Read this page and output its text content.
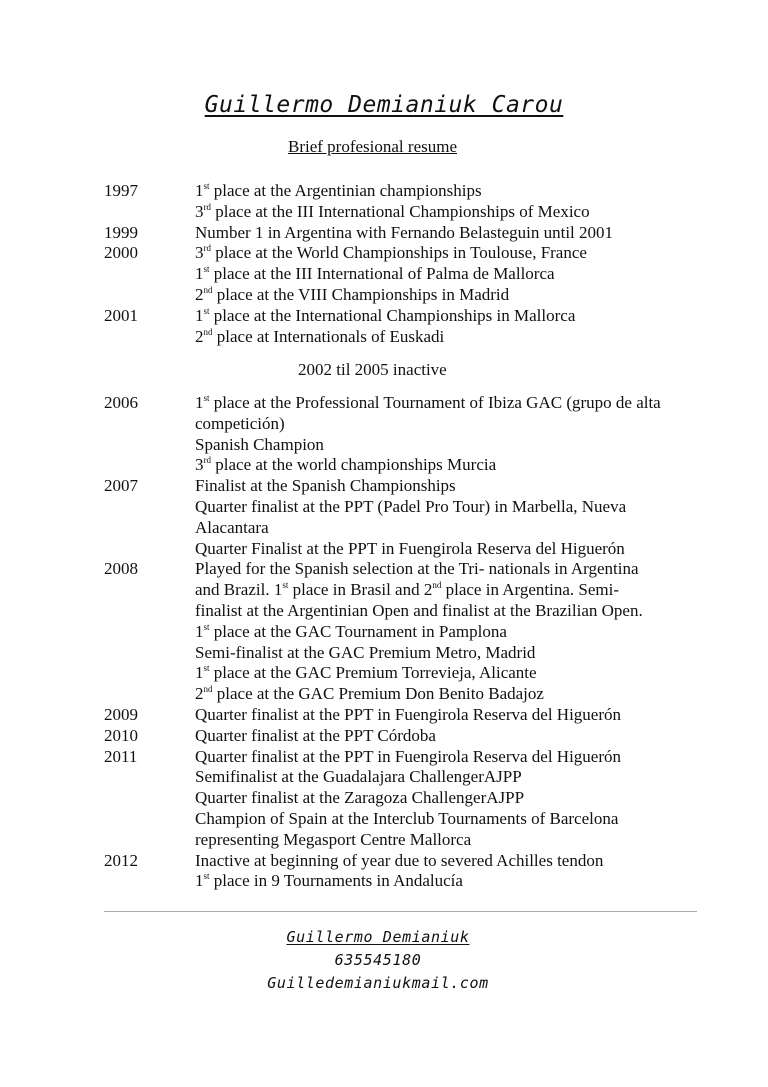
Guillermo Demianiuk Carou
Brief profesional resume
1997	1st place at the Argentinian championships
3rd place at the III International Championships of Mexico
1999	Number 1 in Argentina with Fernando Belasteguin until 2001
2000	3rd place at the World Championships in Toulouse, France
1st place at the III International of Palma de Mallorca
2nd place at the VIII Championships in Madrid
2001	1st place at the International Championships in Mallorca
2nd place at Internationals of Euskadi
2002 til 2005 inactive
2006	1st place at the Professional Tournament of Ibiza GAC (grupo de alta
competición)
Spanish Champion
3rd place at the world championships Murcia
2007	Finalist at the Spanish Championships
Quarter finalist at the PPT (Padel Pro Tour) in Marbella, Nueva
Alacantara
Quarter Finalist at the PPT in Fuengirola Reserva del Higuerón
2008	Played for the Spanish selection at the Tri- nationals in Argentina
and Brazil. 1st place in Brasil and 2nd place in Argentina. Semi-
finalist at the Argentinian Open and finalist at the Brazilian Open.
1st place at the GAC Tournament in Pamplona
Semi-finalist at the GAC Premium Metro, Madrid
1st place at the GAC Premium Torrevieja, Alicante
2nd place at the GAC Premium Don Benito Badajoz
2009	Quarter finalist at the PPT in Fuengirola Reserva del Higuerón
2010	Quarter finalist at the PPT Córdoba
2011	Quarter finalist at the PPT in Fuengirola Reserva del Higuerón
Semifinalist at the Guadalajara ChallengerAJPP
Quarter finalist at the Zaragoza ChallengerAJPP
Champion of Spain at the Interclub Tournaments of Barcelona
representing Megasport Centre Mallorca
2012	Inactive at beginning of year due to severed Achilles tendon
1st place in 9 Tournaments in Andalucía
Guillermo Demianiuk
635545180
Guilledemianiukmail.com
